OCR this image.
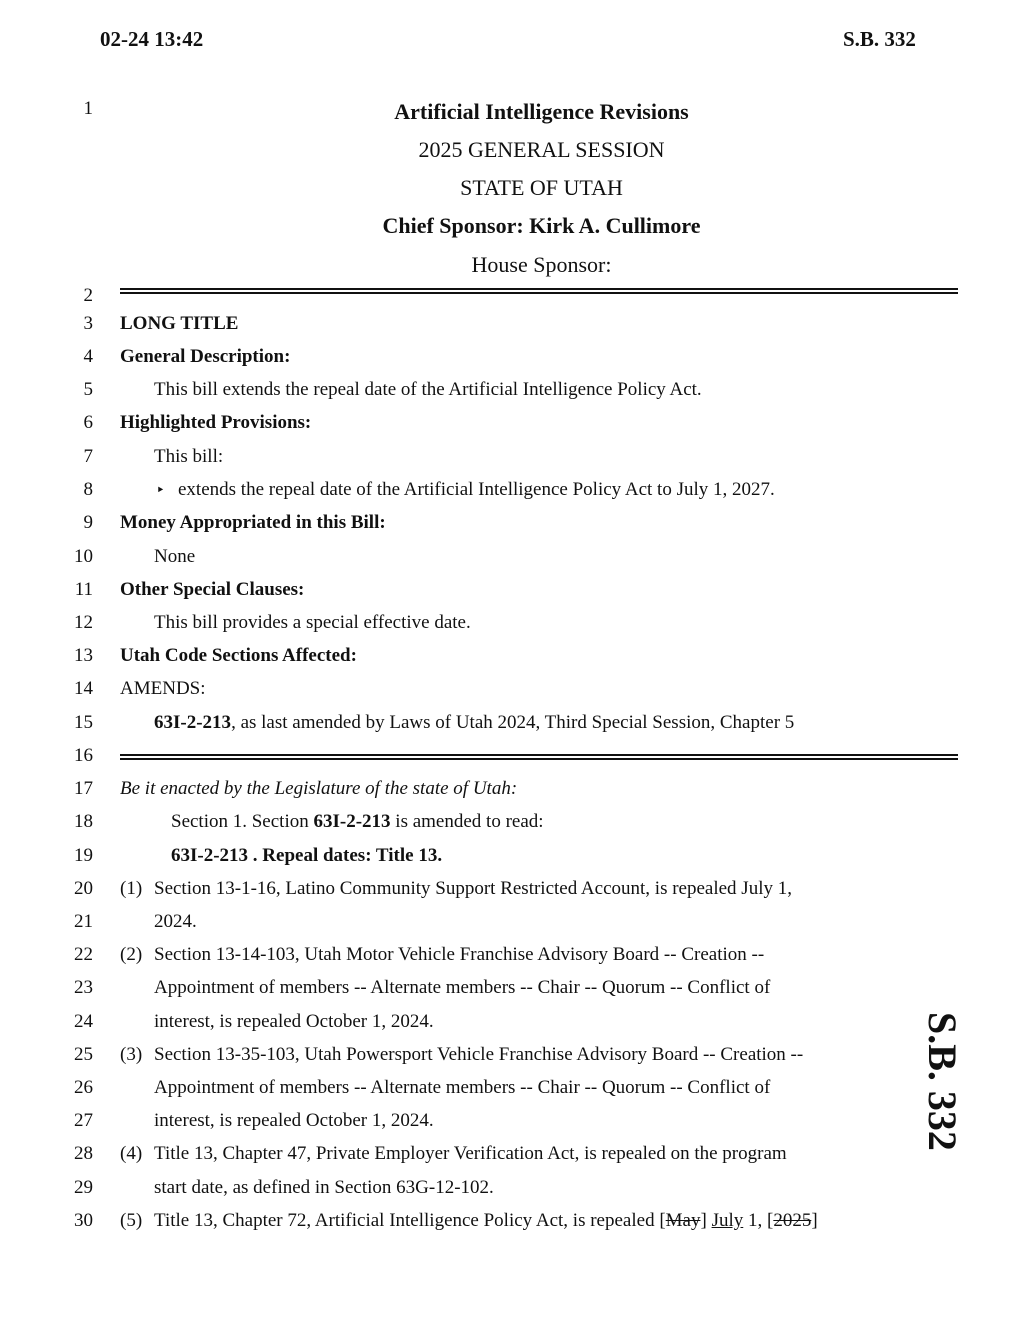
02-24 13:42	S.B. 332
1
2
3
4
5
6
7
8
9
10
11
12
13
14
15
16
17
18
19
20
21
22
23
24
25
26
27
28
29
30
Artificial Intelligence Revisions
2025 GENERAL SESSION
STATE OF UTAH
Chief Sponsor: Kirk A. Cullimore
House Sponsor:
LONG TITLE
General Description:
This bill extends the repeal date of the Artificial Intelligence Policy Act.
Highlighted Provisions:
This bill:
‣ extends the repeal date of the Artificial Intelligence Policy Act to July 1, 2027.
Money Appropriated in this Bill:
None
Other Special Clauses:
This bill provides a special effective date.
Utah Code Sections Affected:
AMENDS:
63I-2-213, as last amended by Laws of Utah 2024, Third Special Session, Chapter 5
Be it enacted by the Legislature of the state of Utah:
Section 1. Section 63I-2-213 is amended to read:
63I-2-213 . Repeal dates: Title 13.
(1) Section 13-1-16, Latino Community Support Restricted Account, is repealed July 1,
2024.
(2) Section 13-14-103, Utah Motor Vehicle Franchise Advisory Board -- Creation --
Appointment of members -- Alternate members -- Chair -- Quorum -- Conflict of
interest, is repealed October 1, 2024.
(3) Section 13-35-103, Utah Powersport Vehicle Franchise Advisory Board -- Creation --
Appointment of members -- Alternate members -- Chair -- Quorum -- Conflict of
interest, is repealed October 1, 2024.
(4) Title 13, Chapter 47, Private Employer Verification Act, is repealed on the program
start date, as defined in Section 63G-12-102.
(5) Title 13, Chapter 72, Artificial Intelligence Policy Act, is repealed [May] July 1, [2025]
S.B. 332
